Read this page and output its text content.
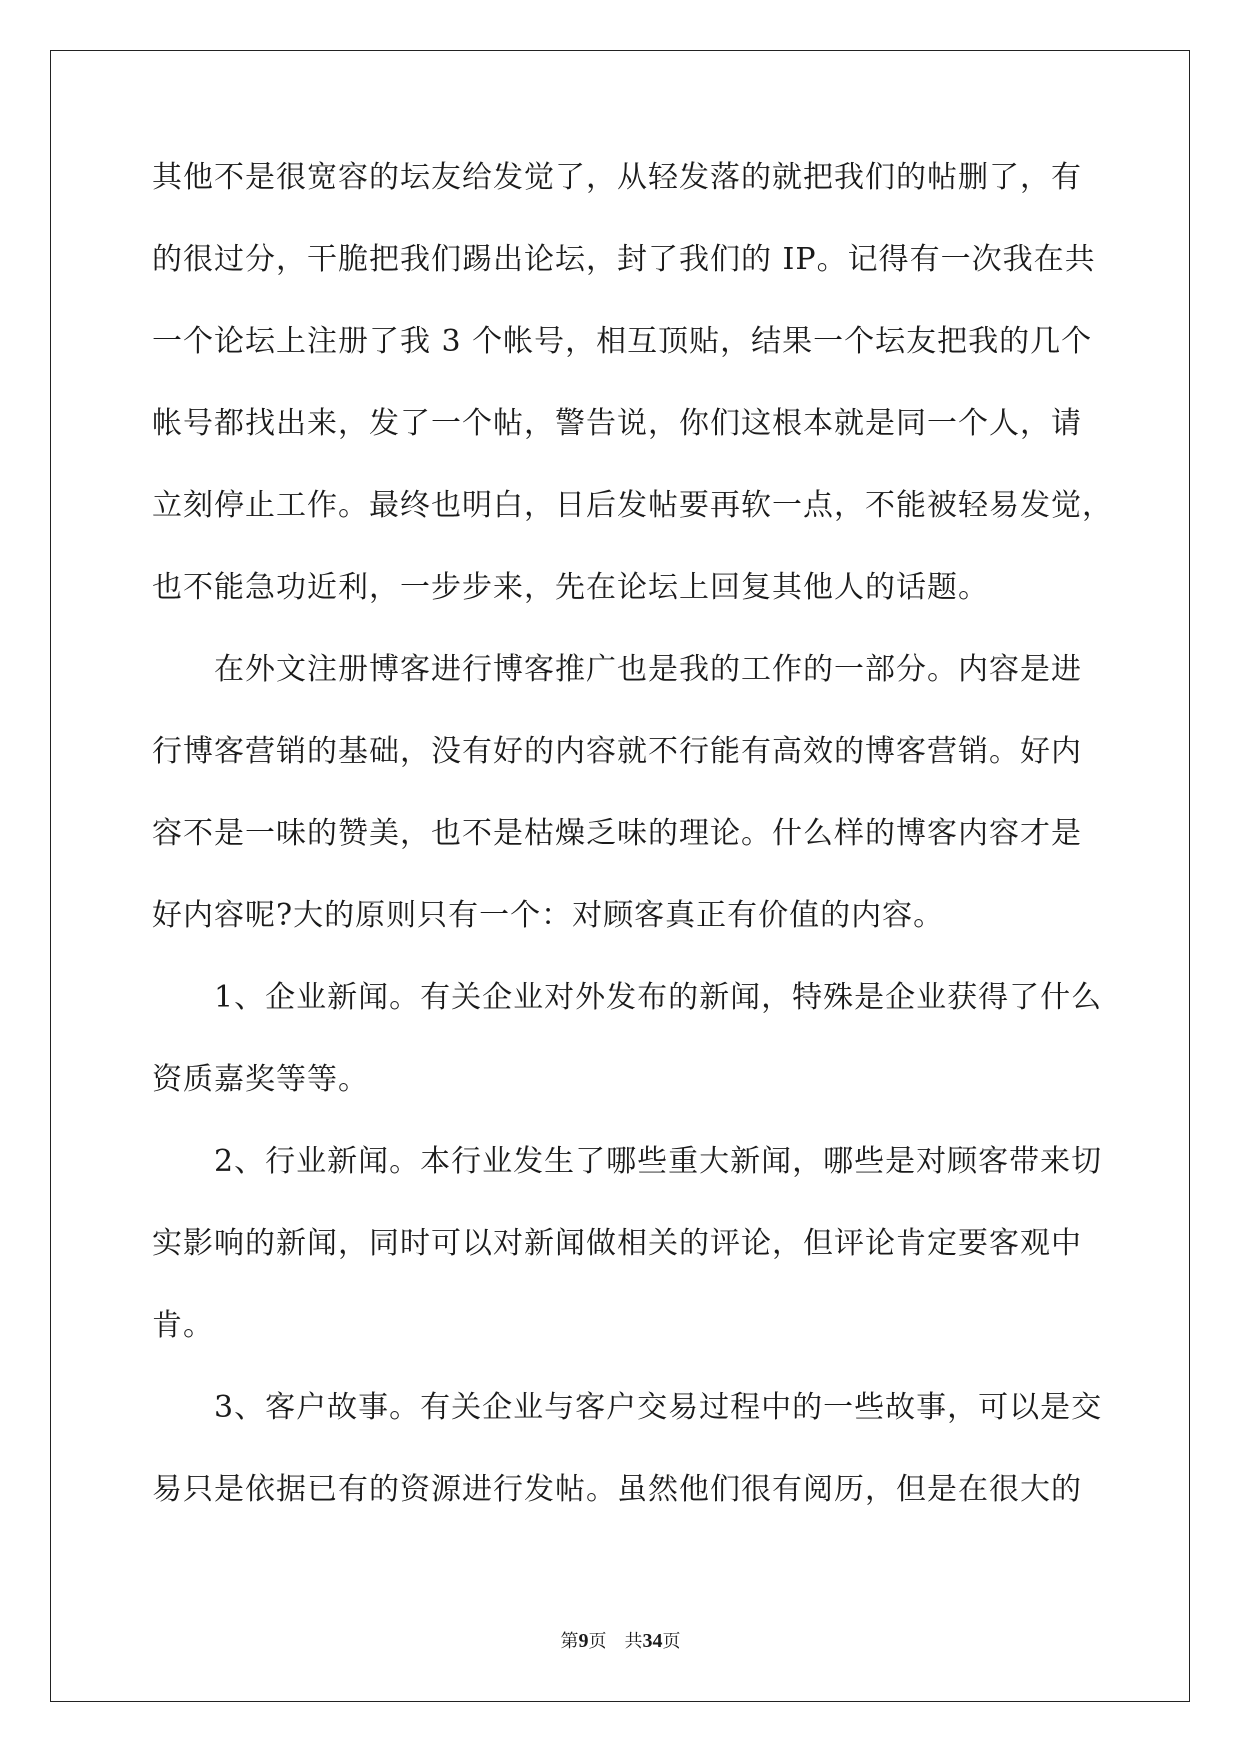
其他不是很宽容的坛友给发觉了，从轻发落的就把我们的帖删了，有
的很过分，干脆把我们踢出论坛，封了我们的 IP。记得有一次我在共
一个论坛上注册了我 3 个帐号，相互顶贴，结果一个坛友把我的几个
帐号都找出来，发了一个帖，警告说，你们这根本就是同一个人，请
立刻停止工作。最终也明白，日后发帖要再软一点，不能被轻易发觉，
也不能急功近利，一步步来，先在论坛上回复其他人的话题。
在外文注册博客进行博客推广也是我的工作的一部分。内容是进
行博客营销的基础，没有好的内容就不行能有高效的博客营销。好内
容不是一味的赞美，也不是枯燥乏味的理论。什么样的博客内容才是
好内容呢?大的原则只有一个：对顾客真正有价值的内容。
1、企业新闻。有关企业对外发布的新闻，特殊是企业获得了什么
资质嘉奖等等。
2、行业新闻。本行业发生了哪些重大新闻，哪些是对顾客带来切
实影响的新闻，同时可以对新闻做相关的评论，但评论肯定要客观中
肯。
3、客户故事。有关企业与客户交易过程中的一些故事，可以是交
易只是依据已有的资源进行发帖。虽然他们很有阅历，但是在很大的
第9页 共34页
